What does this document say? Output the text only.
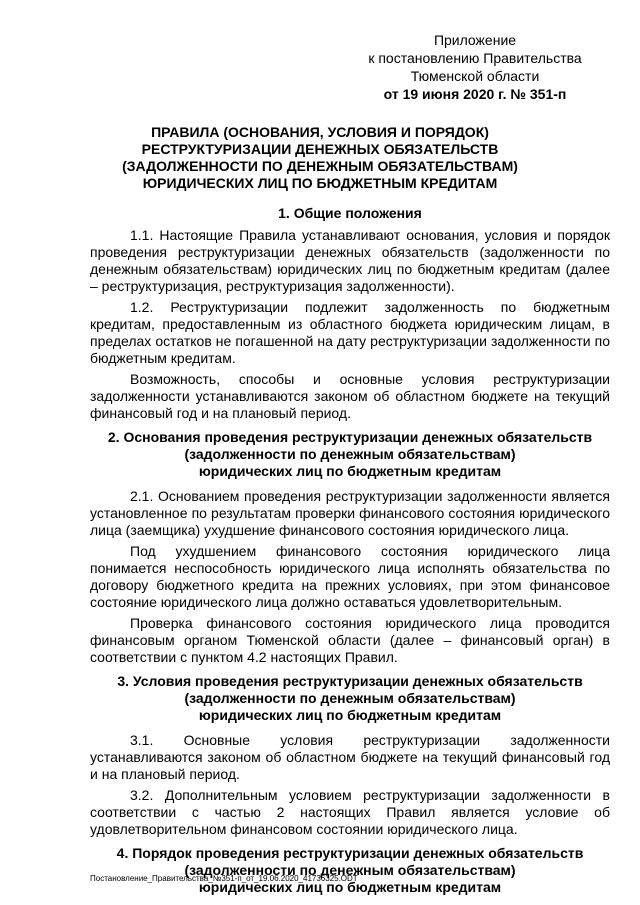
Приложение
к постановлению Правительства
Тюменской области
от 19 июня 2020 г. № 351-п
ПРАВИЛА (ОСНОВАНИЯ, УСЛОВИЯ И ПОРЯДОК) РЕСТРУКТУРИЗАЦИИ ДЕНЕЖНЫХ ОБЯЗАТЕЛЬСТВ (ЗАДОЛЖЕННОСТИ ПО ДЕНЕЖНЫМ ОБЯЗАТЕЛЬСТВАМ) ЮРИДИЧЕСКИХ ЛИЦ ПО БЮДЖЕТНЫМ КРЕДИТАМ
1. Общие положения

1.1. Настоящие Правила устанавливают основания, условия и порядок проведения реструктуризации денежных обязательств (задолженности по денежным обязательствам) юридических лиц по бюджетным кредитам (далее – реструктуризация, реструктуризация задолженности).

1.2. Реструктуризации подлежит задолженность по бюджетным кредитам, предоставленным из областного бюджета юридическим лицам, в пределах остатков не погашенной на дату реструктуризации задолженности по бюджетным кредитам.

Возможность, способы и основные условия реструктуризации задолженности устанавливаются законом об областном бюджете на текущий финансовый год и на плановый период.

2. Основания проведения реструктуризации денежных обязательств
(задолженности по денежным обязательствам)
юридических лиц по бюджетным кредитам

2.1. Основанием проведения реструктуризации задолженности является установленное по результатам проверки финансового состояния юридического лица (заемщика) ухудшение финансового состояния юридического лица.

Под ухудшением финансового состояния юридического лица понимается неспособность юридического лица исполнять обязательства по договору бюджетного кредита на прежних условиях, при этом финансовое состояние юридического лица должно оставаться удовлетворительным.

Проверка финансового состояния юридического лица проводится финансовым органом Тюменской области (далее – финансовый орган) в соответствии с пунктом 4.2 настоящих Правил.

3. Условия проведения реструктуризации денежных обязательств
(задолженности по денежным обязательствам)
юридических лиц по бюджетным кредитам

3.1. Основные условия реструктуризации задолженности устанавливаются законом об областном бюджете на текущий финансовый год и на плановый период.

3.2. Дополнительным условием реструктуризации задолженности в соответствии с частью 2 настоящих Правил является условие об удовлетворительном финансовом состоянии юридического лица.

4. Порядок проведения реструктуризации денежных обязательств
(задолженности по денежным обязательствам)
юридических лиц по бюджетным кредитам
Постановление_Правительства_№351-п_от_19.06.2020_41736325.ODT
